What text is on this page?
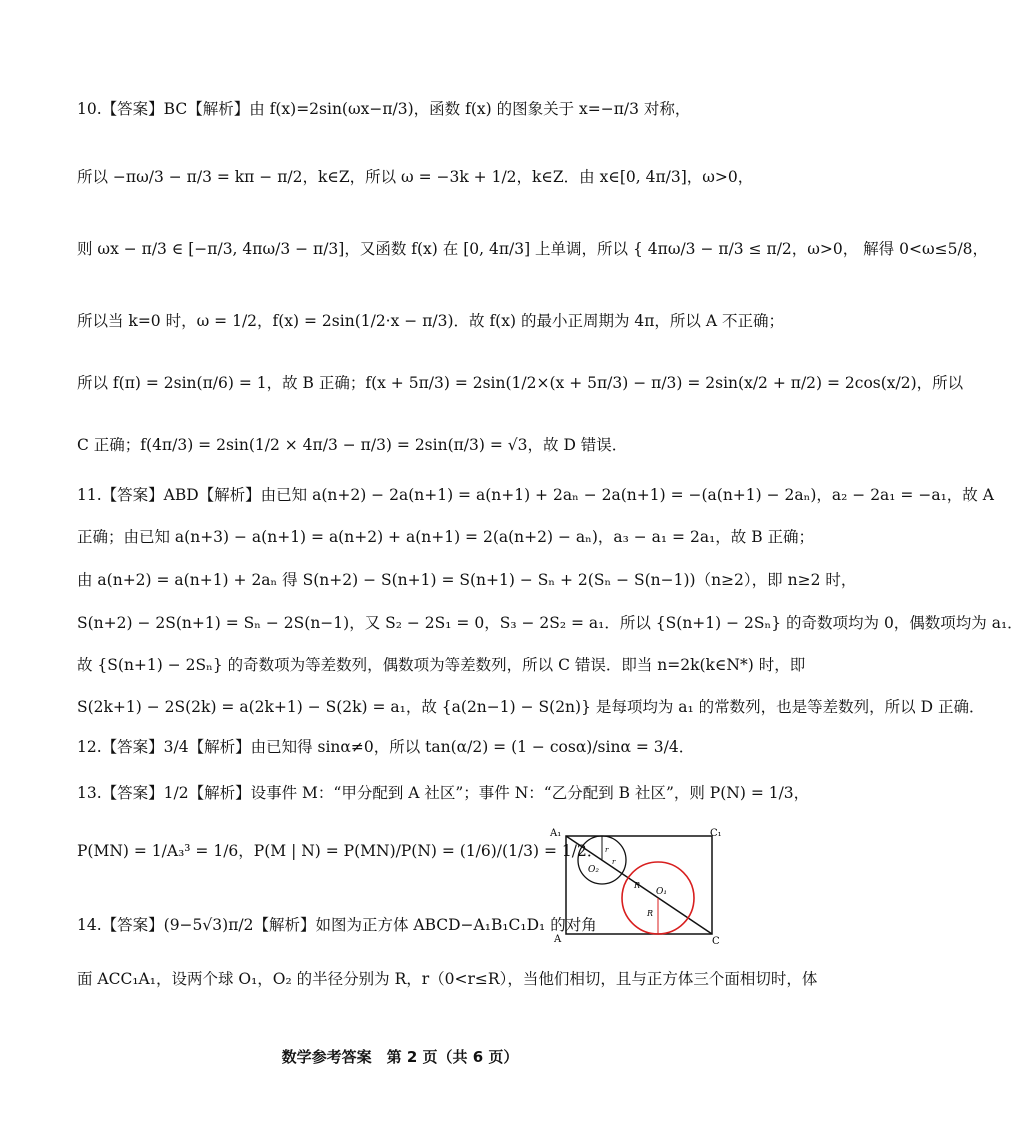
10.【答案】BC【解析】由 f(x)=2sin(ωx−π/3)，函数 f(x) 的图象关于 x=−π/3 对称，
所以 −πω/3 − π/3 = kπ − π/2，k∈Z，所以 ω = −3k + 1/2，k∈Z．由 x∈[0, 4π/3]，ω>0，
则 ωx − π/3 ∈ [−π/3, 4πω/3 − π/3]，又函数 f(x) 在 [0, 4π/3] 上单调，所以 { 4πω/3 − π/3 ≤ π/2，ω>0， 解得 0<ω≤5/8，
所以当 k=0 时，ω = 1/2，f(x) = 2sin(1/2·x − π/3)．故 f(x) 的最小正周期为 4π，所以 A 不正确；
所以 f(π) = 2sin(π/6) = 1，故 B 正确；f(x + 5π/3) = 2sin(1/2×(x + 5π/3) − π/3) = 2sin(x/2 + π/2) = 2cos(x/2)，所以
C 正确；f(4π/3) = 2sin(1/2 × 4π/3 − π/3) = 2sin(π/3) = √3，故 D 错误．
11.【答案】ABD【解析】由已知 a(n+2) − 2a(n+1) = a(n+1) + 2aₙ − 2a(n+1) = −(a(n+1) − 2aₙ)，a₂ − 2a₁ = −a₁，故 A
正确；由已知 a(n+3) − a(n+1) = a(n+2) + a(n+1) = 2(a(n+2) − aₙ)，a₃ − a₁ = 2a₁，故 B 正确；
由 a(n+2) = a(n+1) + 2aₙ 得 S(n+2) − S(n+1) = S(n+1) − Sₙ + 2(Sₙ − S(n−1))（n≥2），即 n≥2 时，
S(n+2) − 2S(n+1) = Sₙ − 2S(n−1)，又 S₂ − 2S₁ = 0，S₃ − 2S₂ = a₁．所以 {S(n+1) − 2Sₙ} 的奇数项均为 0，偶数项均为 a₁．
故 {S(n+1) − 2Sₙ} 的奇数项为等差数列，偶数项为等差数列，所以 C 错误．即当 n=2k(k∈N*) 时，即
S(2k+1) − 2S(2k) = a(2k+1) − S(2k) = a₁，故 {a(2n−1) − S(2n)} 是每项均为 a₁ 的常数列，也是等差数列，所以 D 正确．
12.【答案】3/4【解析】由已知得 sinα≠0，所以 tan(α/2) = (1 − cosα)/sinα = 3/4．
13.【答案】1/2【解析】设事件 M：“甲分配到 A 社区”；事件 N：“乙分配到 B 社区”，则 P(N) = 1/3，
P(MN) = 1/A₃³ = 1/6，P(M | N) = P(MN)/P(N) = (1/6)/(1/3) = 1/2．
14.【答案】(9−5√3)π/2【解析】如图为正方体 ABCD−A₁B₁C₁D₁ 的对角
面 ACC₁A₁，设两个球 O₁，O₂ 的半径分别为 R，r（0<r≤R），当他们相切，且与正方体三个面相切时，体
A₁	C₁
A	C
O₂
O₁
r
r
R
R
数学参考答案　第 2 页（共 6 页）
